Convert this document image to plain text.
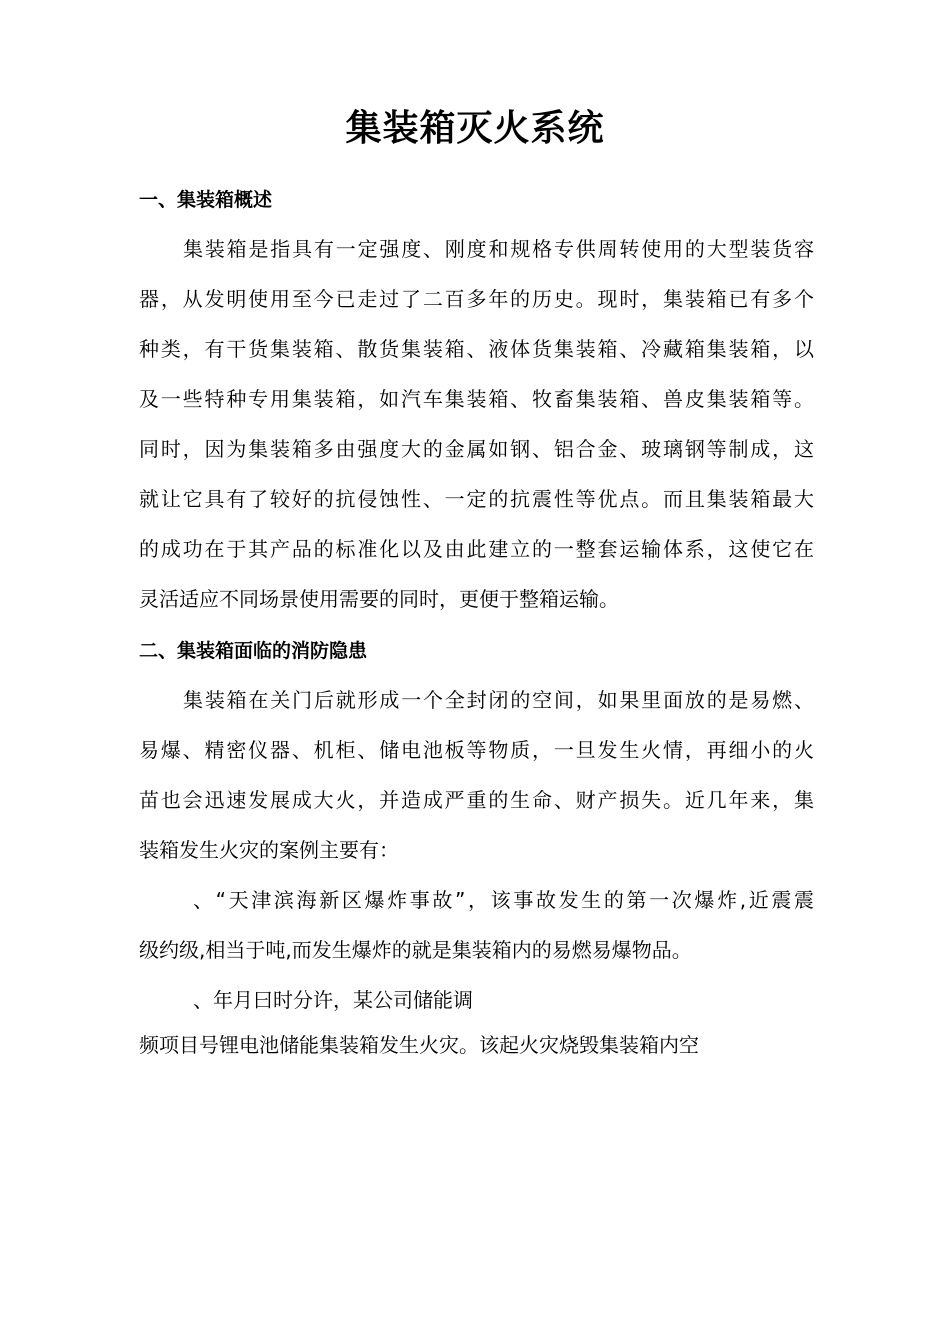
集装箱灭火系统
一、集装箱概述
集装箱是指具有一定强度、刚度和规格专供周转使用的大型装货容
器，从发明使用至今已走过了二百多年的历史。现时，集装箱已有多个
种类，有干货集装箱、散货集装箱、液体货集装箱、冷藏箱集装箱，以
及一些特种专用集装箱，如汽车集装箱、牧畜集装箱、兽皮集装箱等。
同时，因为集装箱多由强度大的金属如钢、铝合金、玻璃钢等制成，这
就让它具有了较好的抗侵蚀性、一定的抗震性等优点。而且集装箱最大
的成功在于其产品的标准化以及由此建立的一整套运输体系，这使它在
灵活适应不同场景使用需要的同时，更便于整箱运输。
二、集装箱面临的消防隐患
集装箱在关门后就形成一个全封闭的空间，如果里面放的是易燃、
易爆、精密仪器、机柜、储电池板等物质，一旦发生火情，再细小的火
苗也会迅速发展成大火，并造成严重的生命、财产损失。近几年来，集
装箱发生火灾的案例主要有：
、“天津滨海新区爆炸事故”，该事故发生的第一次爆炸,近震震
级约级,相当于吨,而发生爆炸的就是集装箱内的易燃易爆物品。
、年月曰时分许，某公司储能调
频项目号锂电池储能集装箱发生火灾。该起火灾烧毁集装箱内空
